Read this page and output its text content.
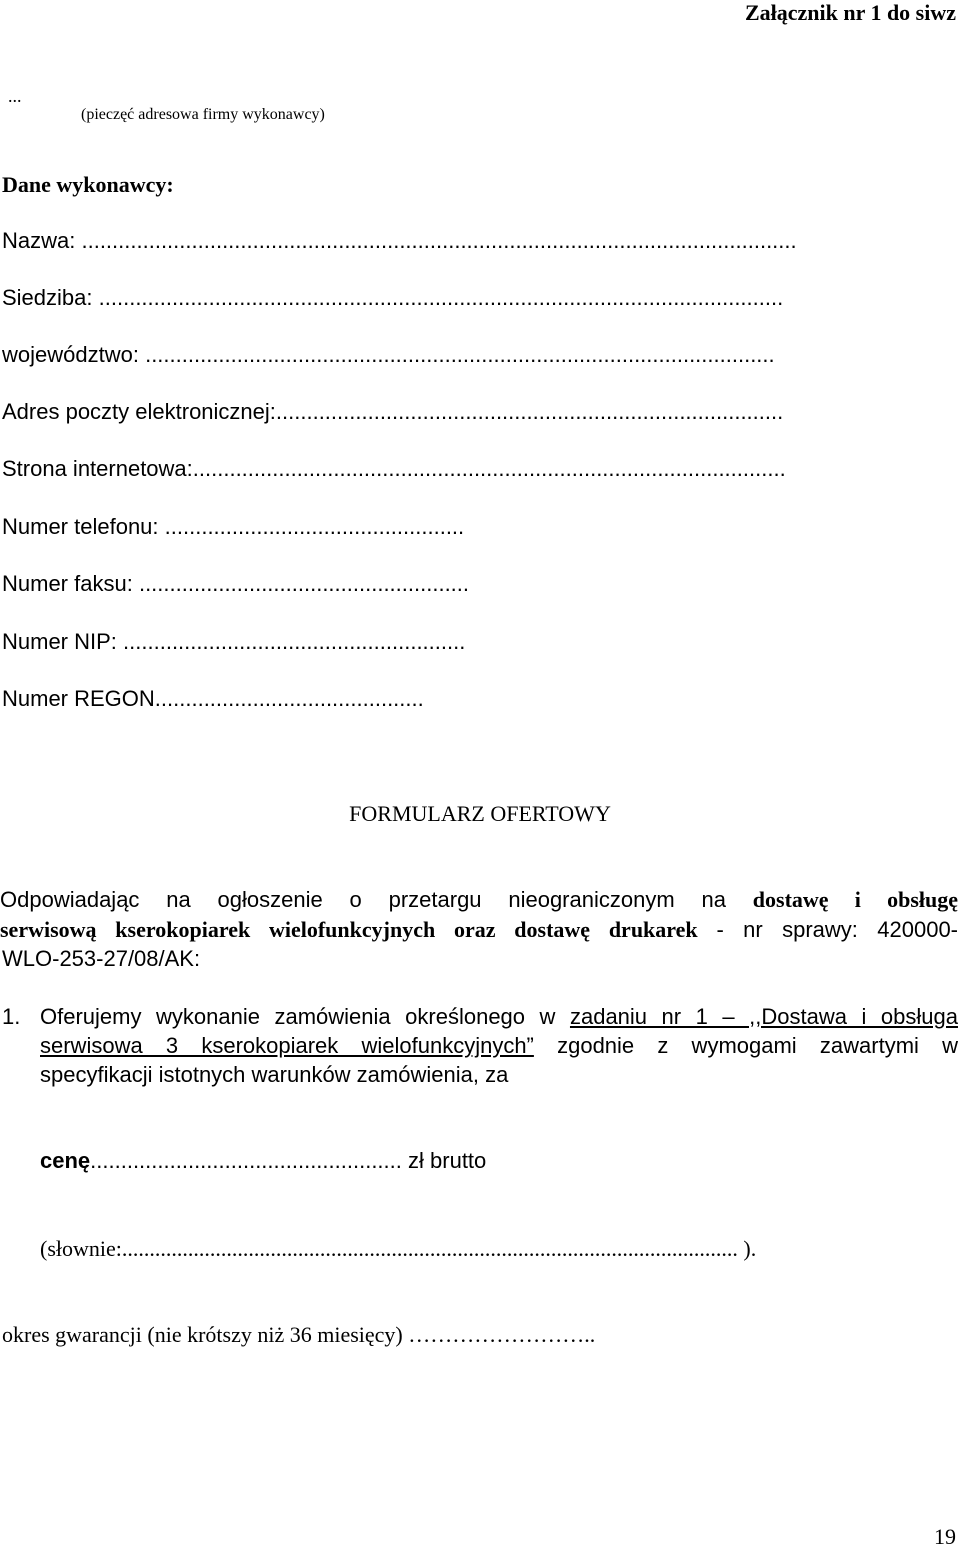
Załącznik nr 1 do siwz
...
(pieczęć adresowa firmy wykonawcy)
Dane wykonawcy:
Nazwa: .....................................................................................................................
Siedziba: ................................................................................................................
województwo: .......................................................................................................
Adres poczty elektronicznej:...................................................................................
Strona internetowa:.................................................................................................
Numer telefonu: .................................................
Numer faksu: ......................................................
Numer NIP: ........................................................
Numer REGON............................................
FORMULARZ OFERTOWY
Odpowiadając na ogłoszenie o przetargu nieograniczonym na dostawę i obsługę
serwisową kserokopiarek wielofunkcyjnych oraz dostawę drukarek - nr sprawy: 420000-
WLO-253-27/08/AK:
1. Oferujemy wykonanie zamówienia określonego w zadaniu nr 1 – ,,Dostawa i obsługa
serwisowa 3 kserokopiarek wielofunkcyjnych” zgodnie z wymogami zawartymi w
specyfikacji istotnych warunków zamówienia, za
cenę................................................... zł brutto
(słownie:................................................................................................................ ).
okres gwarancji (nie krótszy niż 36 miesięcy) ……………………..
19
